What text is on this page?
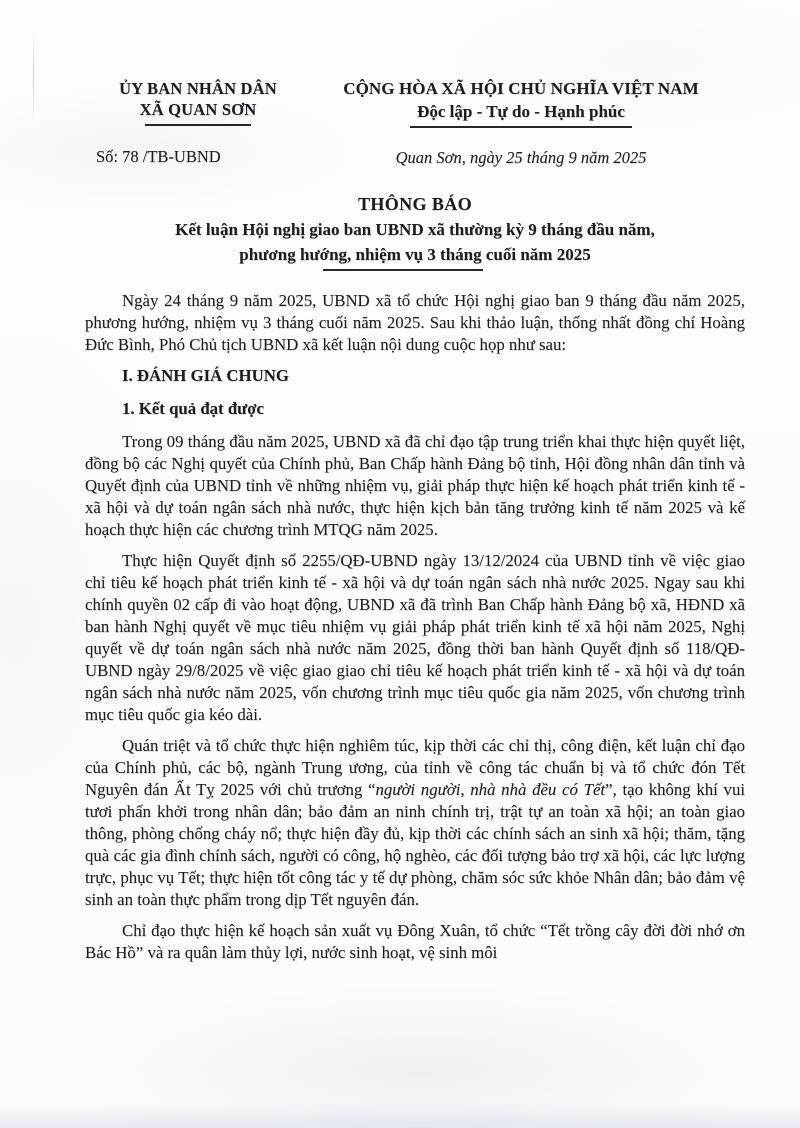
ỦY BAN NHÂN DÂN
XÃ QUAN SƠN
Số: 78 /TB-UBND
CỘNG HÒA XÃ HỘI CHỦ NGHĨA VIỆT NAM
Độc lập - Tự do - Hạnh phúc
Quan Sơn, ngày 25 tháng 9 năm 2025
THÔNG BÁO
Kết luận Hội nghị giao ban UBND xã thường kỳ 9 tháng đầu năm,
phương hướng, nhiệm vụ 3 tháng cuối năm 2025

Ngày 24 tháng 9 năm 2025, UBND xã tổ chức Hội nghị giao ban 9 tháng đầu năm 2025, phương hướng, nhiệm vụ 3 tháng cuối năm 2025. Sau khi thảo luận, thống nhất đồng chí Hoàng Đức Bình, Phó Chủ tịch UBND xã kết luận nội dung cuộc họp như sau:

I. ĐÁNH GIÁ CHUNG

1. Kết quả đạt được

Trong 09 tháng đầu năm 2025, UBND xã đã chỉ đạo tập trung triển khai thực hiện quyết liệt, đồng bộ các Nghị quyết của Chính phủ, Ban Chấp hành Đảng bộ tỉnh, Hội đồng nhân dân tỉnh và Quyết định của UBND tỉnh về những nhiệm vụ, giải pháp thực hiện kế hoạch phát triển kinh tế - xã hội và dự toán ngân sách nhà nước, thực hiện kịch bản tăng trưởng kinh tế năm 2025 và kế hoạch thực hiện các chương trình MTQG năm 2025.

Thực hiện Quyết định số 2255/QĐ-UBND ngày 13/12/2024 của UBND tỉnh về việc giao chỉ tiêu kế hoạch phát triển kinh tế - xã hội và dự toán ngân sách nhà nước 2025. Ngay sau khi chính quyền 02 cấp đi vào hoạt động, UBND xã đã trình Ban Chấp hành Đảng bộ xã, HĐND xã ban hành Nghị quyết về mục tiêu nhiệm vụ giải pháp phát triển kinh tế xã hội năm 2025, Nghị quyết về dự toán ngân sách nhà nước năm 2025, đồng thời ban hành Quyết định số 118/QĐ-UBND ngày 29/8/2025 về việc giao giao chỉ tiêu kế hoạch phát triển kinh tế - xã hội và dự toán ngân sách nhà nước năm 2025, vốn chương trình mục tiêu quốc gia năm 2025, vốn chương trình mục tiêu quốc gia kéo dài.

Quán triệt và tổ chức thực hiện nghiêm túc, kịp thời các chỉ thị, công điện, kết luận chỉ đạo của Chính phủ, các bộ, ngành Trung ương, của tỉnh về công tác chuẩn bị và tổ chức đón Tết Nguyên đán Ất Tỵ 2025 với chủ trương “người người, nhà nhà đều có Tết”, tạo không khí vui tươi phấn khởi trong nhân dân; bảo đảm an ninh chính trị, trật tự an toàn xã hội; an toàn giao thông, phòng chống cháy nổ; thực hiện đầy đủ, kịp thời các chính sách an sinh xã hội; thăm, tặng quà các gia đình chính sách, người có công, hộ nghèo, các đối tượng bảo trợ xã hội, các lực lượng trực, phục vụ Tết; thực hiện tốt công tác y tế dự phòng, chăm sóc sức khỏe Nhân dân; bảo đảm vệ sinh an toàn thực phẩm trong dịp Tết nguyên đán.

Chỉ đạo thực hiện kế hoạch sản xuất vụ Đông Xuân, tổ chức “Tết trồng cây đời đời nhớ ơn Bác Hồ” và ra quân làm thủy lợi, nước sinh hoạt, vệ sinh môi
